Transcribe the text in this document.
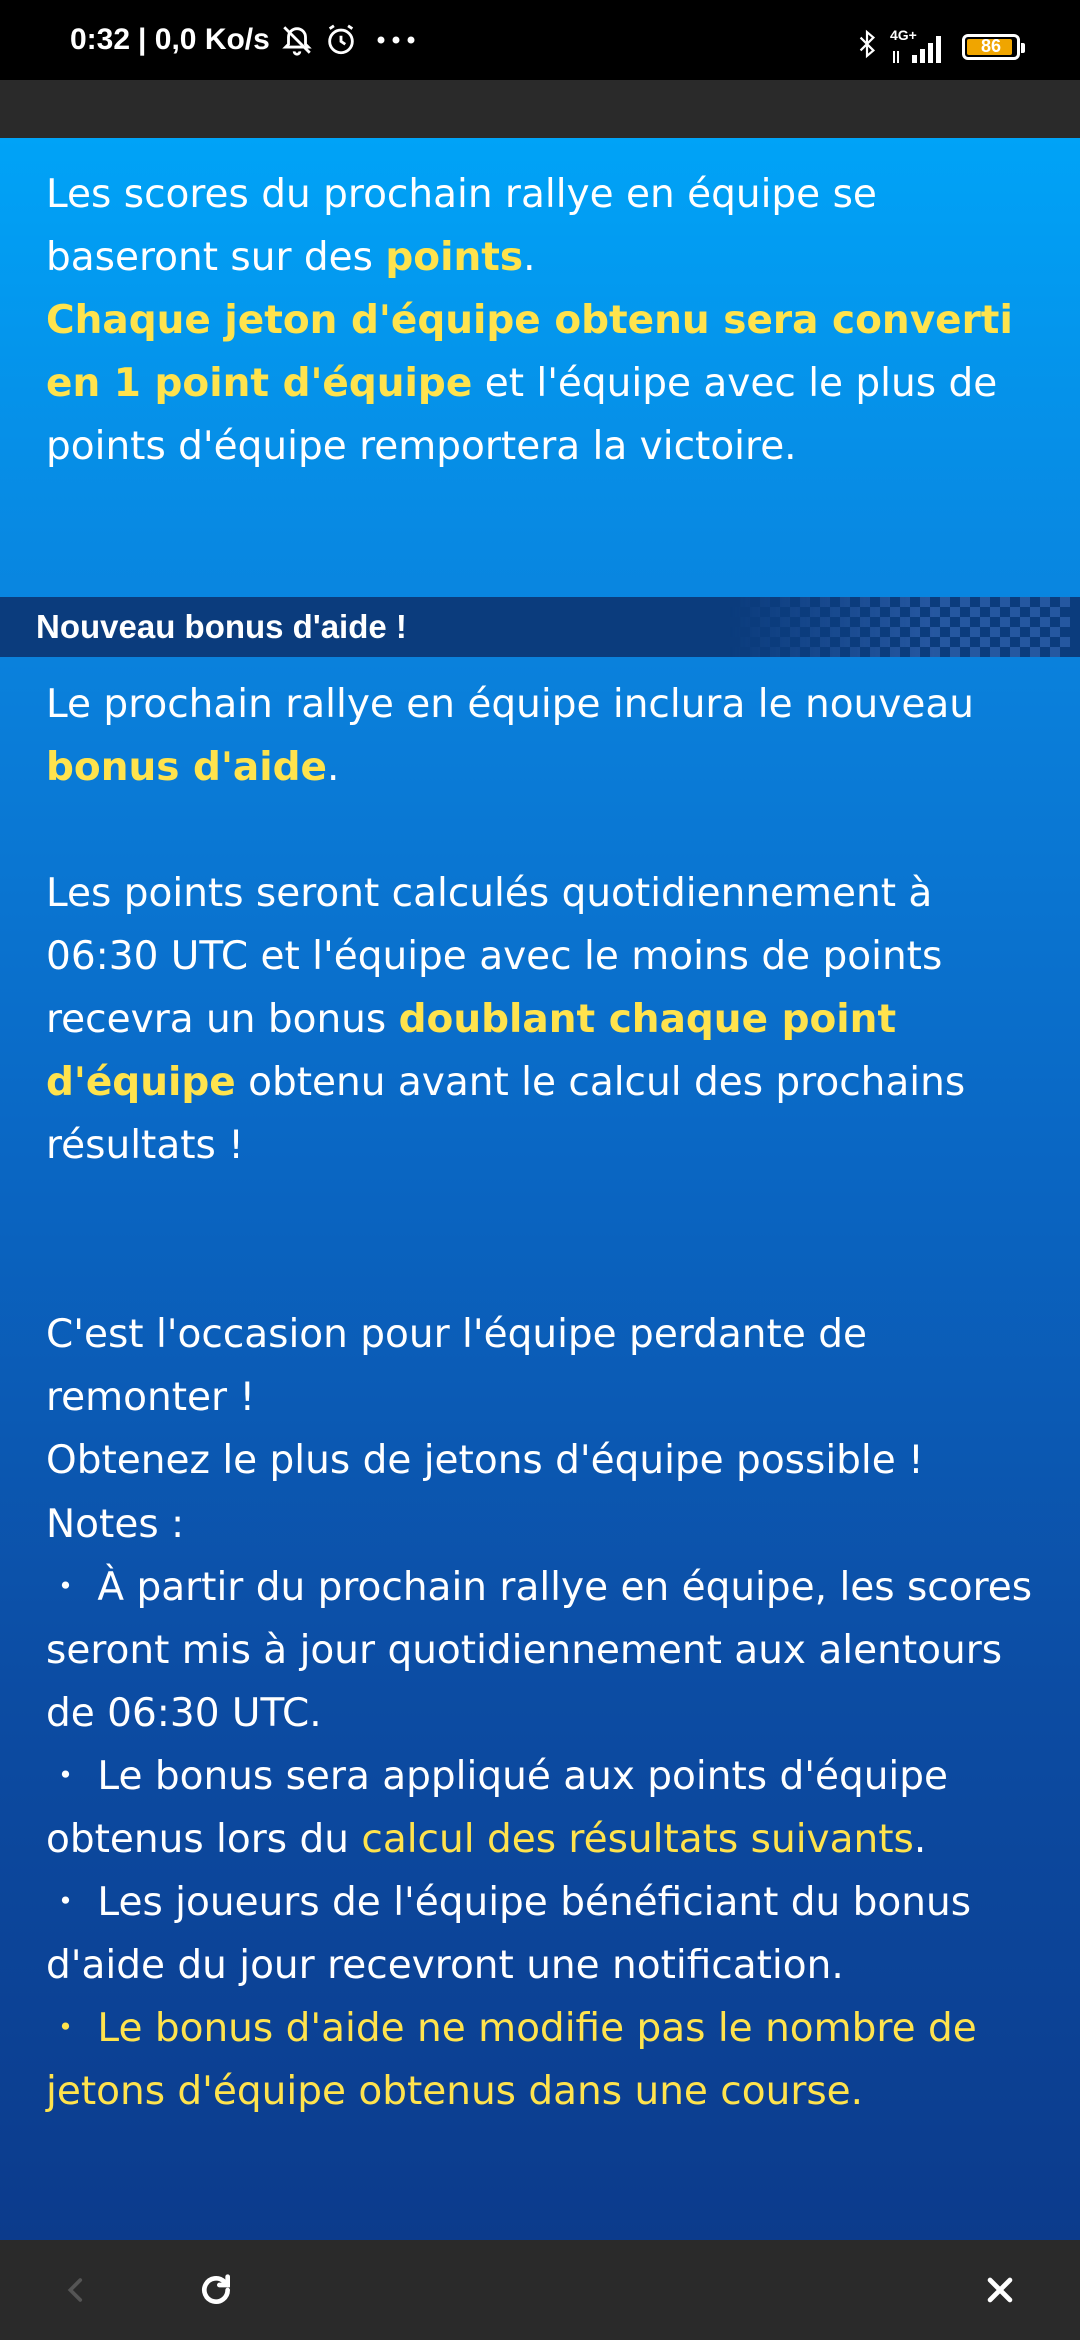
0:32 | 0,0 Ko/s	4G+
86

Les scores du prochain rallye en équipe se baseront sur des points.
Chaque jeton d'équipe obtenu sera converti en 1 point d'équipe et l'équipe avec le plus de points d'équipe remportera la victoire.

Nouveau bonus d'aide !

Le prochain rallye en équipe inclura le nouveau bonus d'aide.

Les points seront calculés quotidiennement à 06:30 UTC et l'équipe avec le moins de points recevra un bonus doublant chaque point d'équipe obtenu avant le calcul des prochains résultats !

C'est l'occasion pour l'équipe perdante de remonter !
Obtenez le plus de jetons d'équipe possible !

Notes :
・ À partir du prochain rallye en équipe, les scores seront mis à jour quotidiennement aux alentours de 06:30 UTC.
・ Le bonus sera appliqué aux points d'équipe obtenus lors du calcul des résultats suivants.
・ Les joueurs de l'équipe bénéficiant du bonus d'aide du jour recevront une notification.
・ Le bonus d'aide ne modifie pas le nombre de jetons d'équipe obtenus dans une course.
